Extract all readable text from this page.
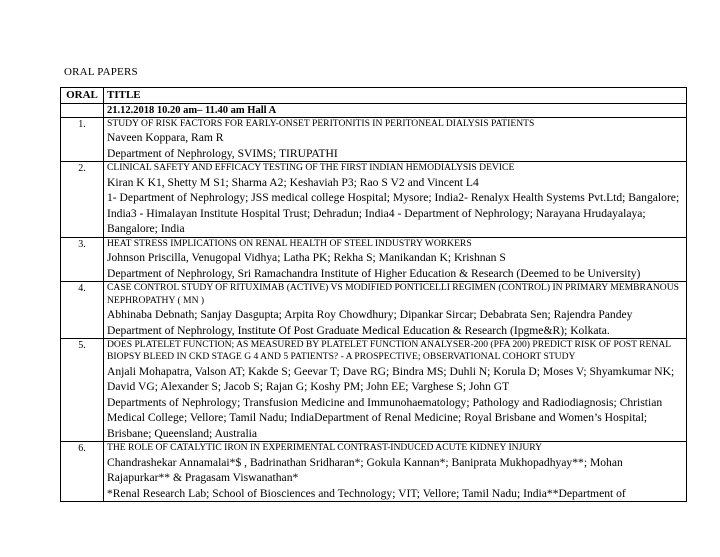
ORAL PAPERS
ORAL	TITLE
	21.12.2018 10.20 am– 11.40 am Hall A
1.	STUDY OF RISK FACTORS FOR EARLY-ONSET PERITONITIS IN PERITONEAL DIALYSIS PATIENTS
Naveen Koppara, Ram R
Department of Nephrology, SVIMS; TIRUPATHI

2.	CLINICAL SAFETY AND EFFICACY TESTING OF THE FIRST INDIAN HEMODIALYSIS DEVICE
Kiran K K1, Shetty M S1; Sharma A2; Keshaviah P3; Rao S V2 and Vincent L4
1- Department of Nephrology; JSS medical college Hospital; Mysore; India2- Renalyx Health Systems Pvt.Ltd; Bangalore; India3 - Himalayan Institute Hospital Trust; Dehradun; India4 - Department of Nephrology; Narayana Hrudayalaya; Bangalore; India

3.	HEAT STRESS IMPLICATIONS ON RENAL HEALTH OF STEEL INDUSTRY WORKERS
Johnson Priscilla, Venugopal Vidhya; Latha PK; Rekha S; Manikandan K; Krishnan S
Department of Nephrology, Sri Ramachandra Institute of Higher Education & Research (Deemed to be University)

4.	CASE CONTROL STUDY OF RITUXIMAB (ACTIVE) VS MODIFIED PONTICELLI REGIMEN (CONTROL) IN PRIMARY MEMBRANOUS NEPHROPATHY ( MN )
Abhinaba Debnath; Sanjay Dasgupta; Arpita Roy Chowdhury; Dipankar Sircar; Debabrata Sen; Rajendra Pandey
Department of Nephrology, Institute Of Post Graduate Medical Education & Research (Ipgme&R); Kolkata.

5.	DOES PLATELET FUNCTION; AS MEASURED BY PLATELET FUNCTION ANALYSER-200 (PFA 200) PREDICT RISK OF POST RENAL BIOPSY BLEED IN CKD STAGE G 4 AND 5 PATIENTS? - A PROSPECTIVE; OBSERVATIONAL COHORT STUDY
Anjali Mohapatra, Valson AT; Kakde S; Geevar T; Dave RG; Bindra MS; Duhli N; Korula D; Moses V; Shyamkumar NK; David VG; Alexander S; Jacob S; Rajan G; Koshy PM; John EE; Varghese S; John GT
Departments of Nephrology; Transfusion Medicine and Immunohaematology; Pathology and Radiodiagnosis; Christian Medical College; Vellore; Tamil Nadu; IndiaDepartment of Renal Medicine; Royal Brisbane and Women’s Hospital; Brisbane; Queensland; Australia

6.	THE ROLE OF CATALYTIC IRON IN EXPERIMENTAL CONTRAST-INDUCED ACUTE KIDNEY INJURY
Chandrashekar Annamalai*$ , Badrinathan Sridharan*; Gokula Kannan*; Baniprata Mukhopadhyay**; Mohan Rajapurkar** & Pragasam Viswanathan*
*Renal Research Lab; School of Biosciences and Technology; VIT; Vellore; Tamil Nadu; India**Department of
